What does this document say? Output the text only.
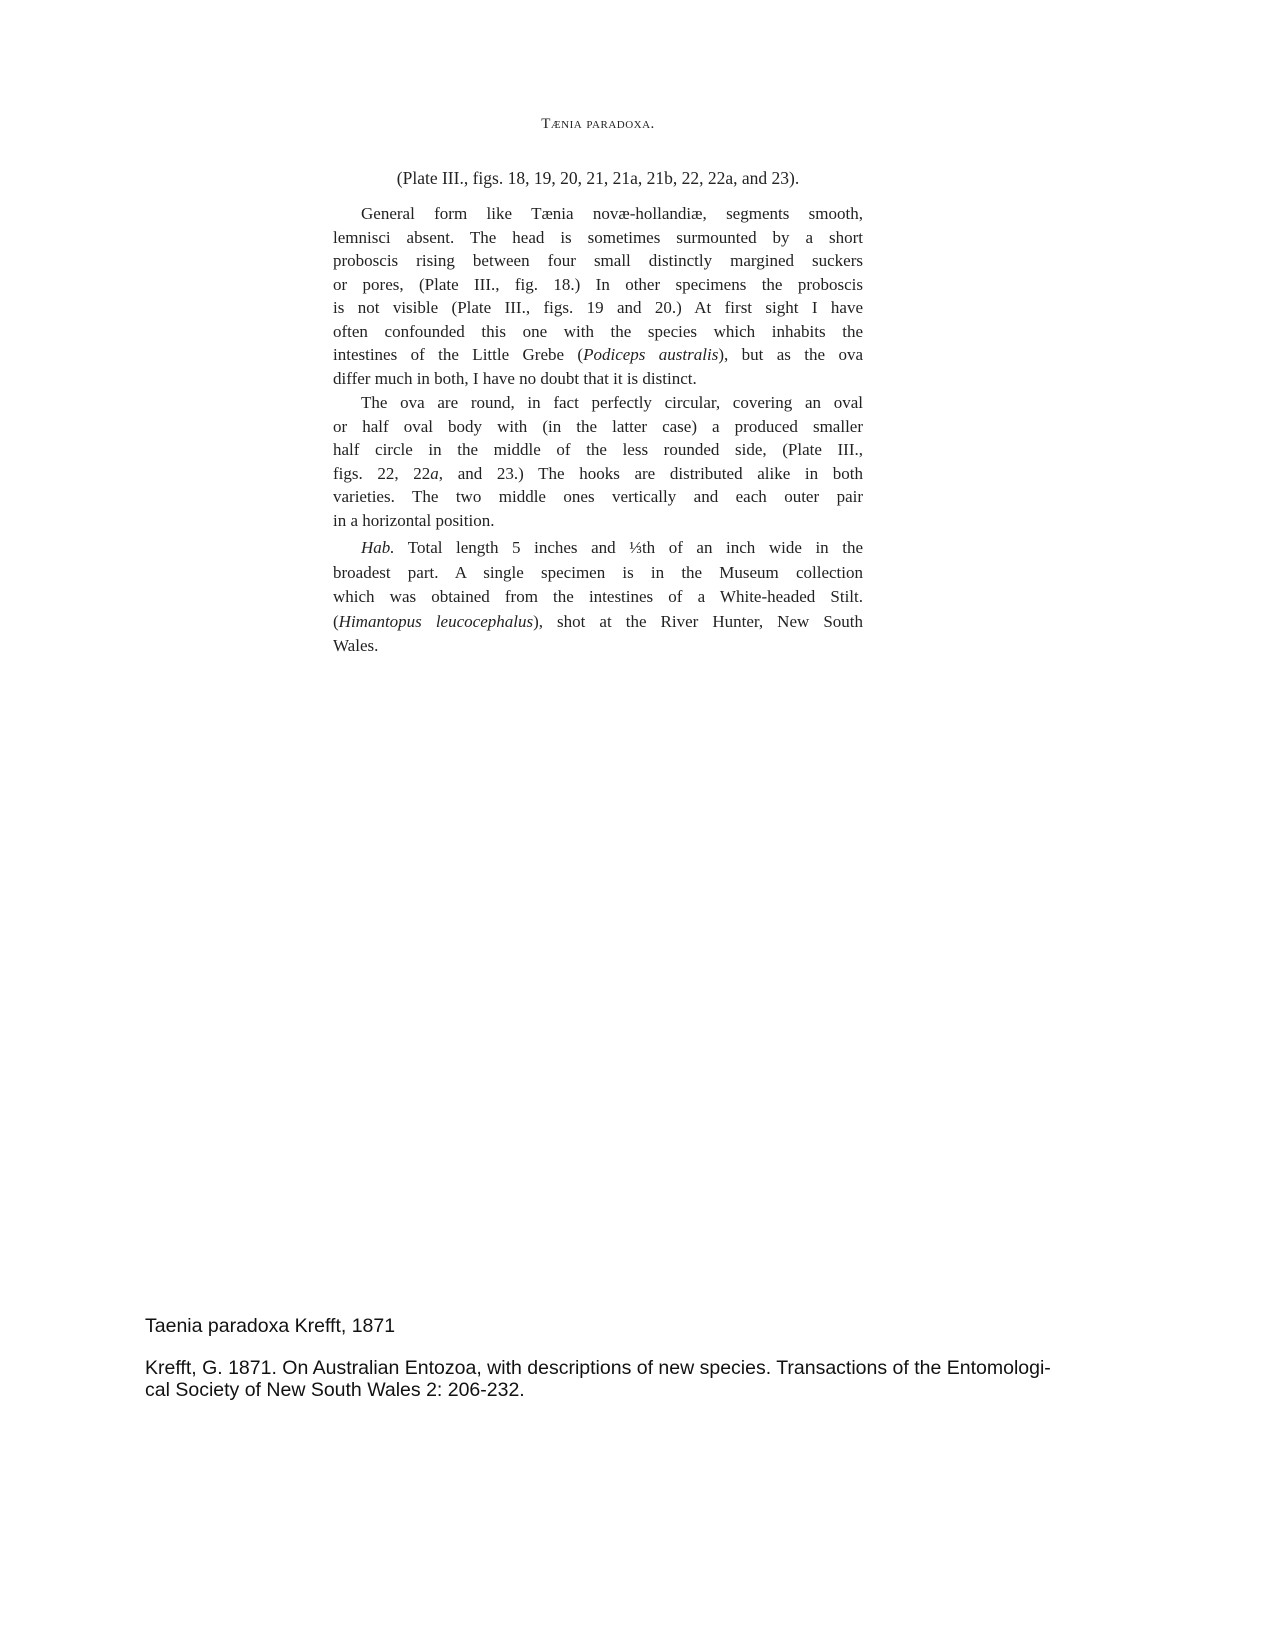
Tænia paradoxa.
(Plate III., figs. 18, 19, 20, 21, 21a, 21b, 22, 22a, and 23).
General form like Tænia novæ-hollandiæ, segments smooth,
lemnisci absent. The head is sometimes surmounted by a short
proboscis rising between four small distinctly margined suckers
or pores, (Plate III., fig. 18.) In other specimens the proboscis
is not visible (Plate III., figs. 19 and 20.) At first sight I have
often confounded this one with the species which inhabits the
intestines of the Little Grebe (Podiceps australis), but as the ova
differ much in both, I have no doubt that it is distinct.
The ova are round, in fact perfectly circular, covering an oval
or half oval body with (in the latter case) a produced smaller
half circle in the middle of the less rounded side, (Plate III.,
figs. 22, 22a, and 23.) The hooks are distributed alike in both
varieties. The two middle ones vertically and each outer pair
in a horizontal position.
Hab. Total length 5 inches and ⅓th of an inch wide in the
broadest part. A single specimen is in the Museum collection
which was obtained from the intestines of a White-headed Stilt.
(Himantopus leucocephalus), shot at the River Hunter, New South
Wales.
Taenia paradoxa Krefft, 1871
Krefft, G. 1871. On Australian Entozoa, with descriptions of new species. Transactions of the Entomologi-
cal Society of New South Wales 2: 206-232.
